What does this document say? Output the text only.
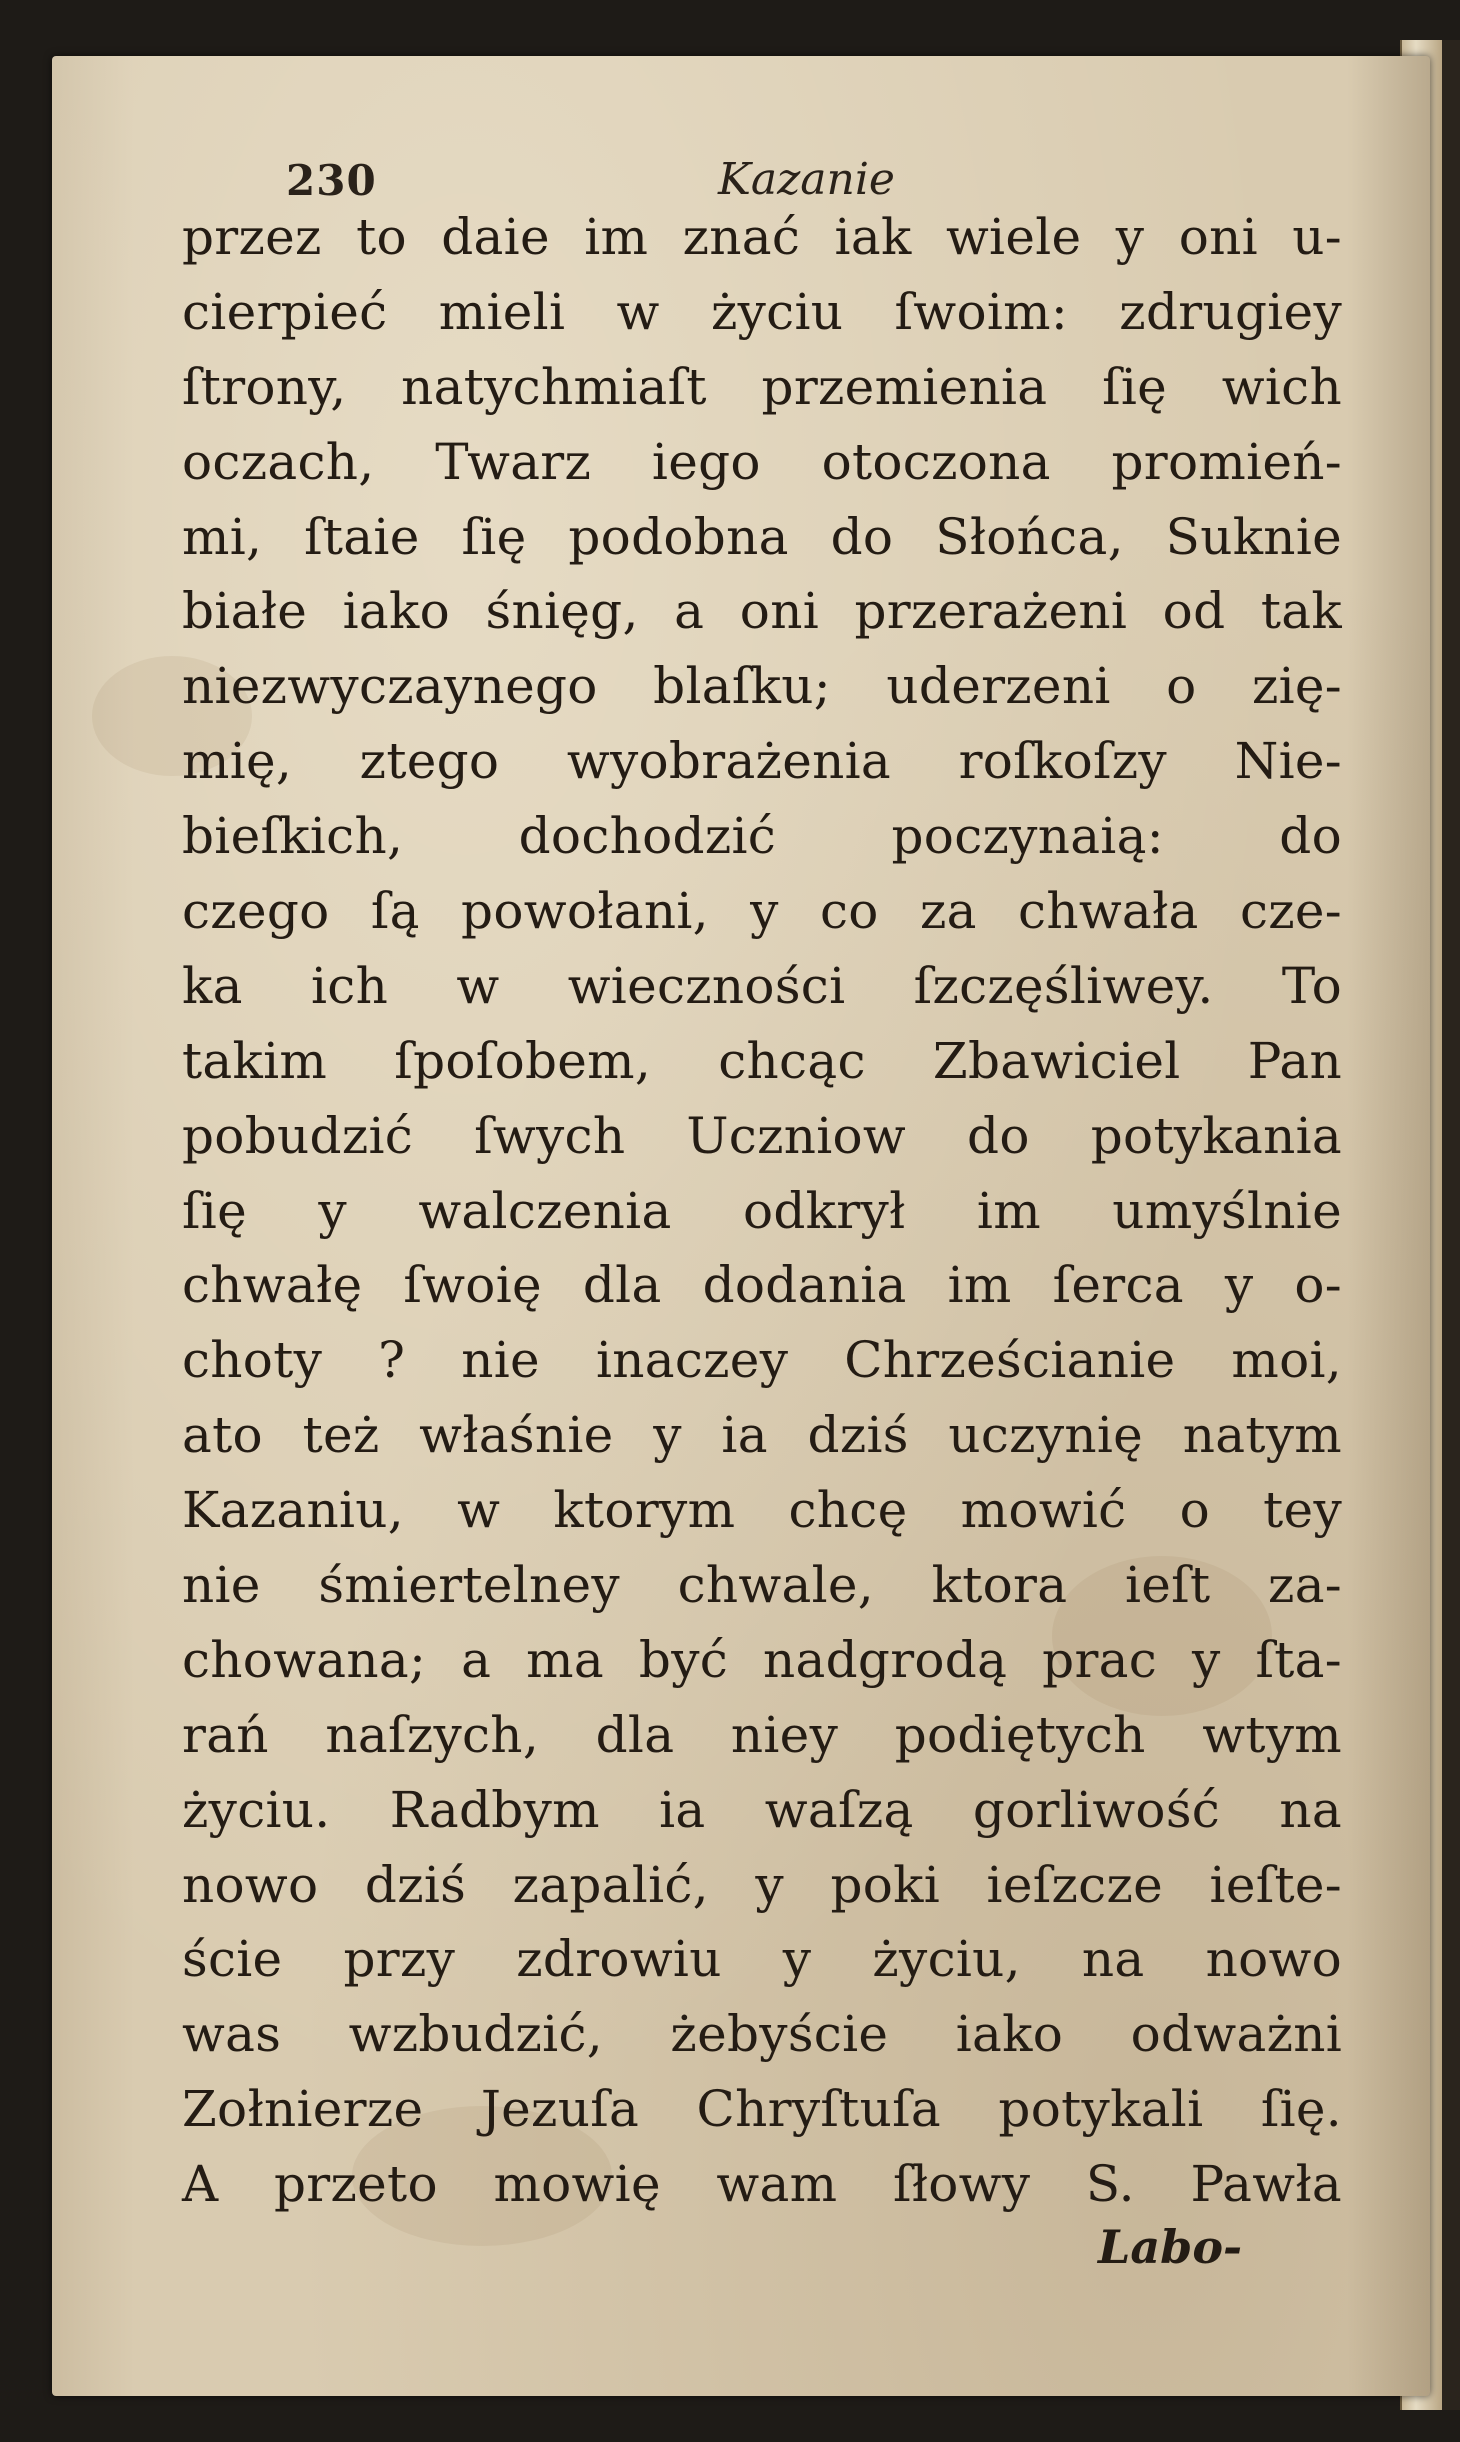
230	Kazanie
przez to daie im znać iak wiele y oni u-
cierpieć mieli w życiu ſwoim: zdrugiey
ſtrony, natychmiaſt przemienia ſię wich
oczach, Twarz iego otoczona promień-
mi, ſtaie ſię podobna do Słońca, Suknie
białe iako śnięg, a oni przerażeni od tak
niezwyczaynego blaſku; uderzeni o zię-
mię, ztego wyobrażenia roſkoſzy Nie-
bieſkich, dochodzić poczynaią: do
czego ſą powołani, y co za chwała cze-
ka ich w wieczności ſzczęśliwey. To
takim ſpoſobem, chcąc Zbawiciel Pan
pobudzić ſwych Uczniow do potykania
ſię y walczenia odkrył im umyślnie
chwałę ſwoię dla dodania im ſerca y o-
choty ? nie inaczey Chrześcianie moi,
ato też właśnie y ia dziś uczynię natym
Kazaniu, w ktorym chcę mowić o tey
nie śmiertelney chwale, ktora ieſt za-
chowana; a ma być nadgrodą prac y ſta-
rań naſzych, dla niey podiętych wtym
życiu. Radbym ia waſzą gorliwość na
nowo dziś zapalić, y poki ieſzcze ieſte-
ście przy zdrowiu y życiu, na nowo
was wzbudzić, żebyście iako odważni
Zołnierze Jezuſa Chryſtuſa potykali ſię.
A przeto mowię wam ſłowy S. Pawła
Labo-
